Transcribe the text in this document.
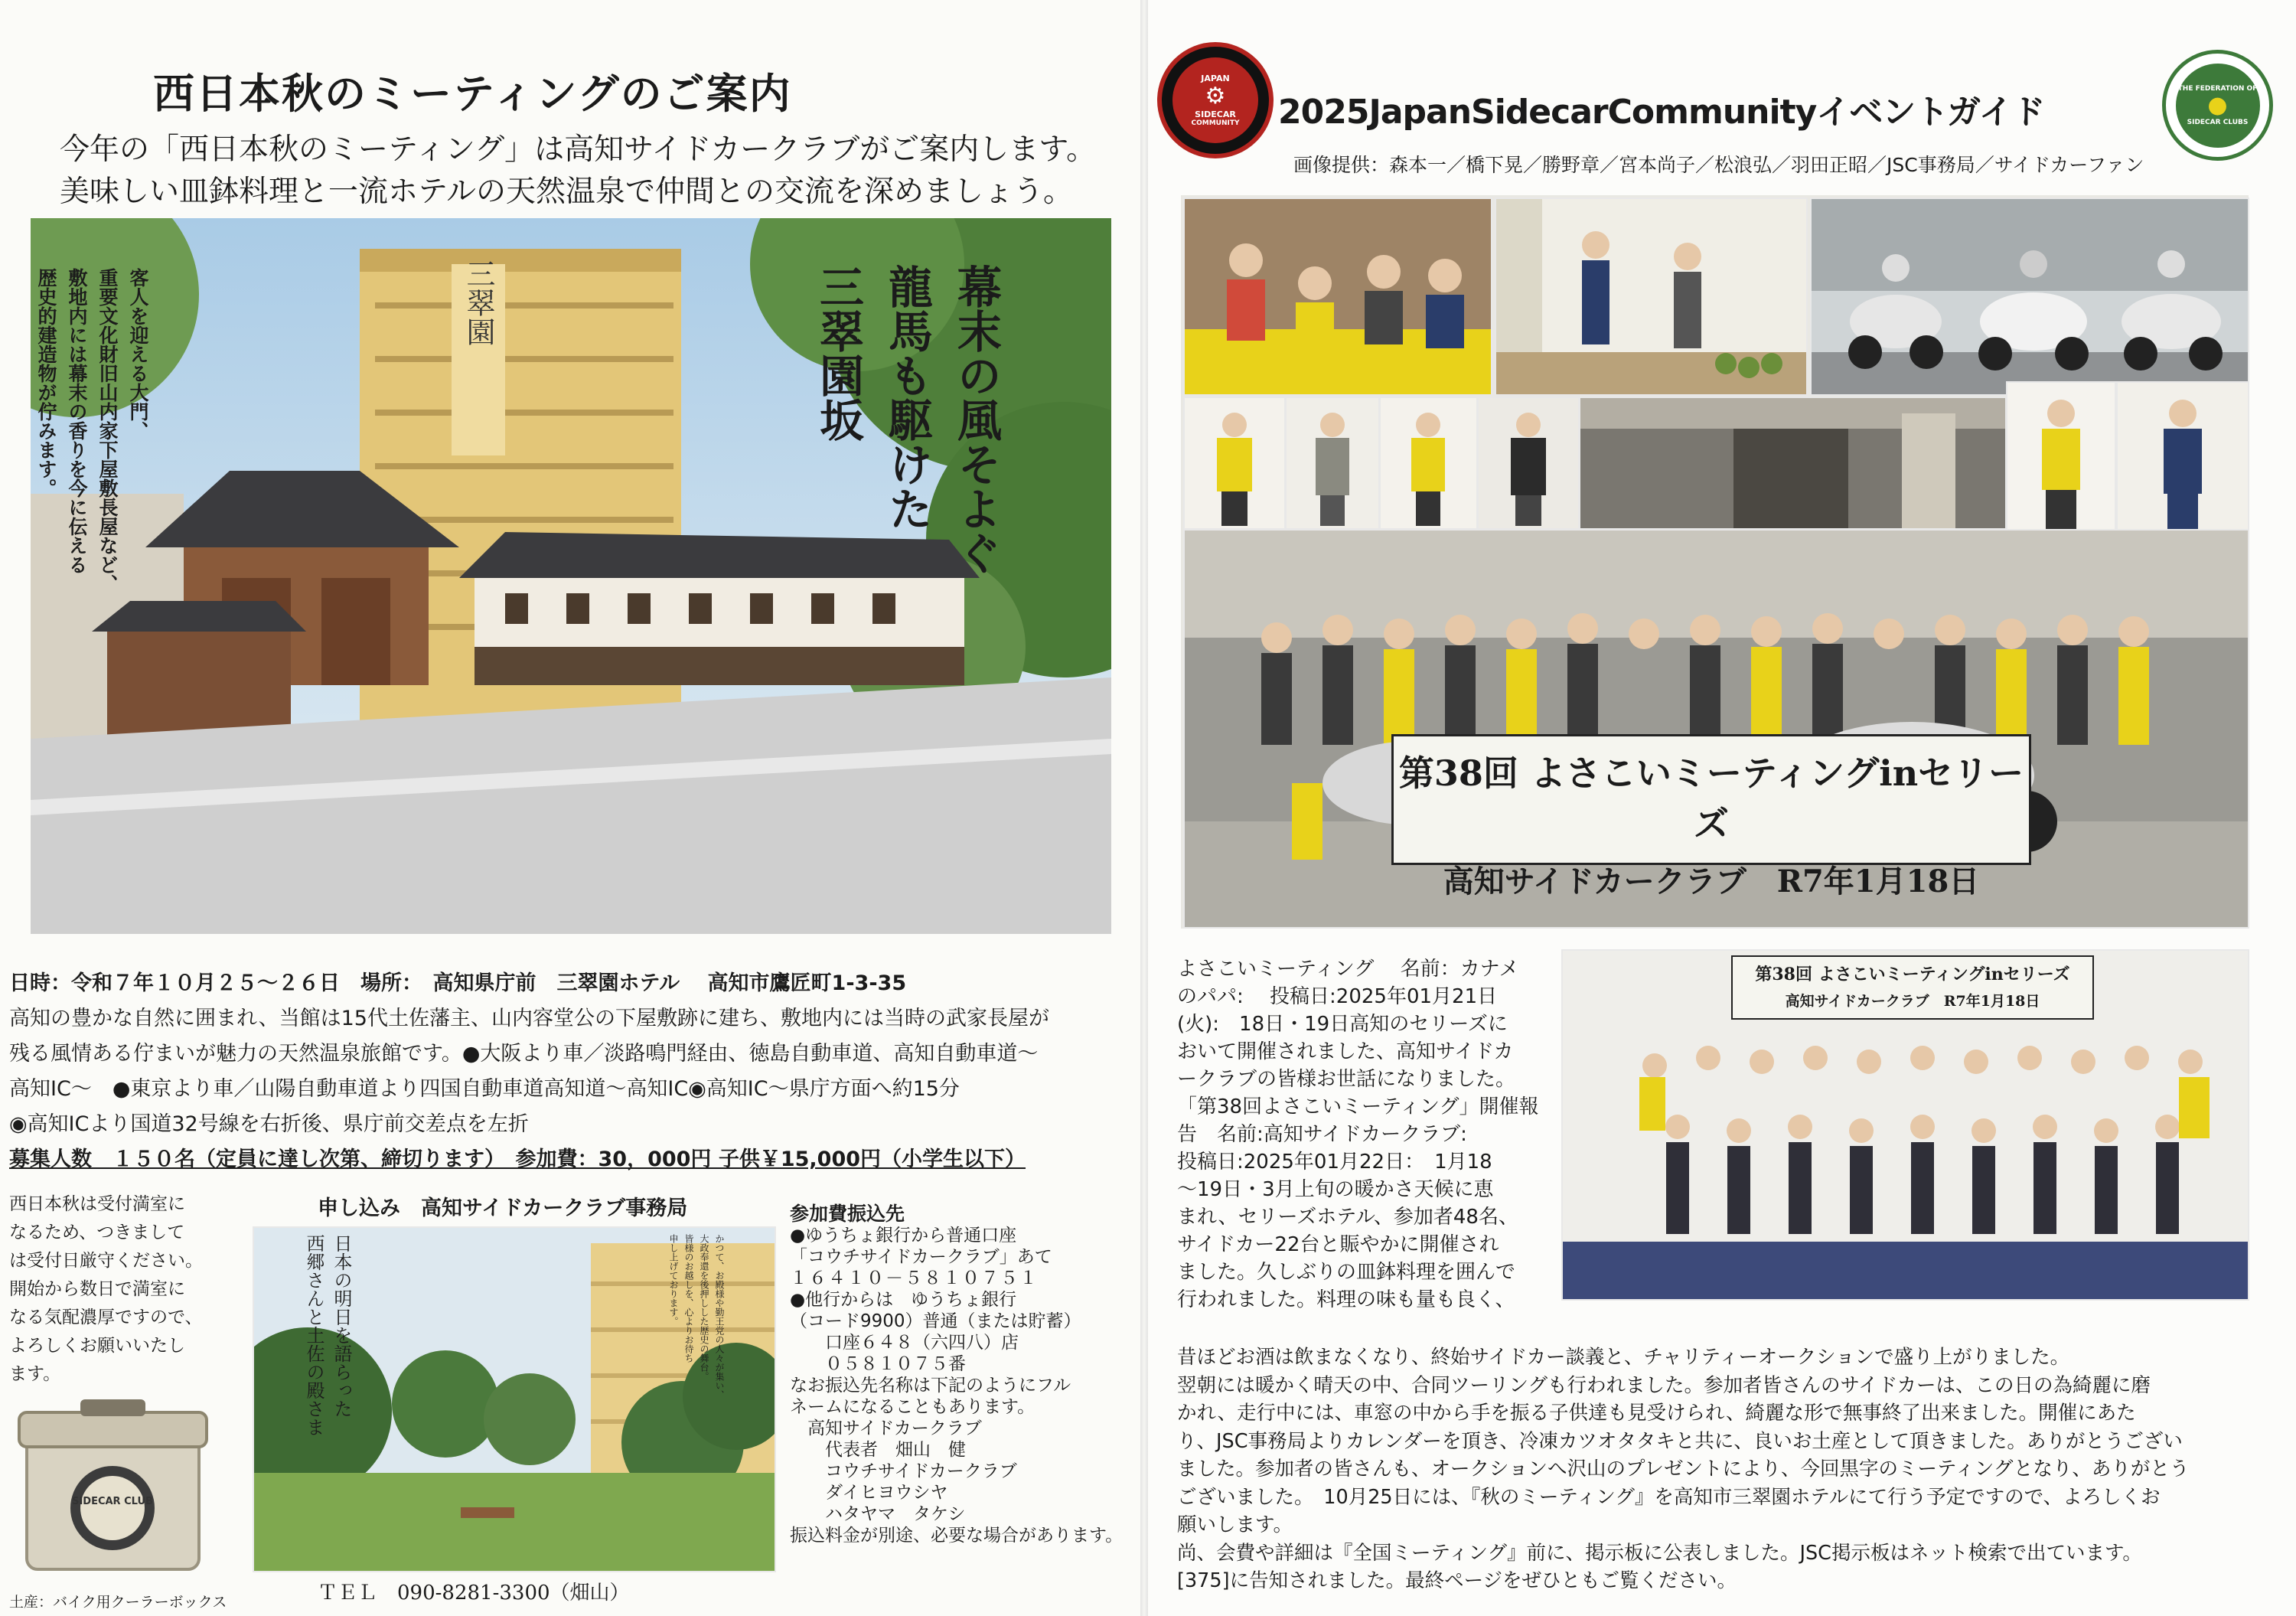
西日本秋のミーティングのご案内
今年の「西日本秋のミーティング」は高知サイドカークラブがご案内します。
美味しい皿鉢料理と一流ホテルの天然温泉で仲間との交流を深めましょう。
三翠園	幕末の風そよぐ
龍馬も駆けた
三翠園坂
客人を迎える大門、
重要文化財旧山内家下屋敷長屋など、
敷地内には幕末の香りを今に伝える
歴史的建造物が佇みます。
日時：令和７年１０月２５～２６日　場所：　高知県庁前　三翠園ホテル　 高知市鷹匠町1-3-35
高知の豊かな自然に囲まれ、当館は15代土佐藩主、山内容堂公の下屋敷跡に建ち、敷地内には当時の武家長屋が
残る風情ある佇まいが魅力の天然温泉旅館です。●大阪より車／淡路鳴門経由、徳島自動車道、高知自動車道～
高知IC～　●東京より車／山陽自動車道より四国自動車道高知道～高知IC◉高知IC～県庁方面へ約15分
◉高知ICより国道32号線を右折後、県庁前交差点を左折
募集人数　１５０名（定員に達し次第、締切ります）　参加費：30，000円 子供￥15,000円（小学生以下）
西日本秋は受付満室に
なるため、つきまして
は受付日厳守ください。
開始から数日で満室に
なる気配濃厚ですので、
よろしくお願いいたし
ます。
SIDECAR CLUB
土産：バイク用クーラーボックス
申し込み　高知サイドカークラブ事務局
日本の明日を語らった
西郷さんと土佐の殿さま	かつて、お殿様や勤王党の人々が集い、
大政奉還を後押しした歴史の舞台。
皆様のお越しを、心よりお待ち
申し上げております。
ＴＥＬ　090-8281-3300（畑山）
参加費振込先
●ゆうちょ銀行から普通口座
「コウチサイドカークラブ」あて
１６４１０－５８１０７５１
●他行からは　ゆうちょ銀行
（コード9900）普通（または貯蓄）
　　口座６４８（六四八）店
　　０５８１０７５番
なお振込先名称は下記のようにフル
ネームになることもあります。
　高知サイドカークラブ
　　代表者　畑山　健
　　コウチサイドカークラブ
　　ダイヒヨウシヤ
　　ハタヤマ　タケシ
振込料金が別途、必要な場合があります。
JAPAN
⚙
SIDECAR
COMMUNITY 2025JapanSidecarCommunityイベントガイド
THE FEDERATION OF
●
SIDECAR CLUBS
画像提供：森本一／橋下晃／勝野章／宮本尚子／松浪弘／羽田正昭／JSC事務局／サイドカーファン
第38回 よさこいミーティングinセリーズ
高知サイドカークラブ　R7年1月18日
よさこいミーティング　 名前：カナメ
のパパ:　 投稿日:2025年01月21日
(火):　18日・19日高知のセリーズに
おいて開催されました、高知サイドカ
ークラブの皆様お世話になりました。
「第38回よさこいミーティング」開催報
告　名前:高知サイドカークラブ:
投稿日:2025年01月22日：　1月18
～19日・3月上旬の暖かさ天候に恵
まれ、セリーズホテル、参加者48名、
サイドカー22台と賑やかに開催され
ました。久しぶりの皿鉢料理を囲んで
行われました。料理の味も量も良く、
第38回 よさこいミーティングinセリーズ
高知サイドカークラブ　R7年1月18日
昔ほどお酒は飲まなくなり、終始サイドカー談義と、チャリティーオークションで盛り上がりました。
翌朝には暖かく晴天の中、合同ツーリングも行われました。参加者皆さんのサイドカーは、この日の為綺麗に磨
かれ、走行中には、車窓の中から手を振る子供達も見受けられ、綺麗な形で無事終了出来ました。開催にあた
り、JSC事務局よりカレンダーを頂き、冷凍カツオタタキと共に、良いお土産として頂きました。ありがとうござい
ました。参加者の皆さんも、オークションへ沢山のプレゼントにより、今回黒字のミーティングとなり、ありがとう
ございました。　10月25日には、『秋のミーティング』を高知市三翠園ホテルにて行う予定ですので、よろしくお
願いします。
尚、会費や詳細は『全国ミーティング』前に、掲示板に公表しました。JSC掲示板はネット検索で出ています。
[375]に告知されました。最終ページをぜひともご覧ください。
